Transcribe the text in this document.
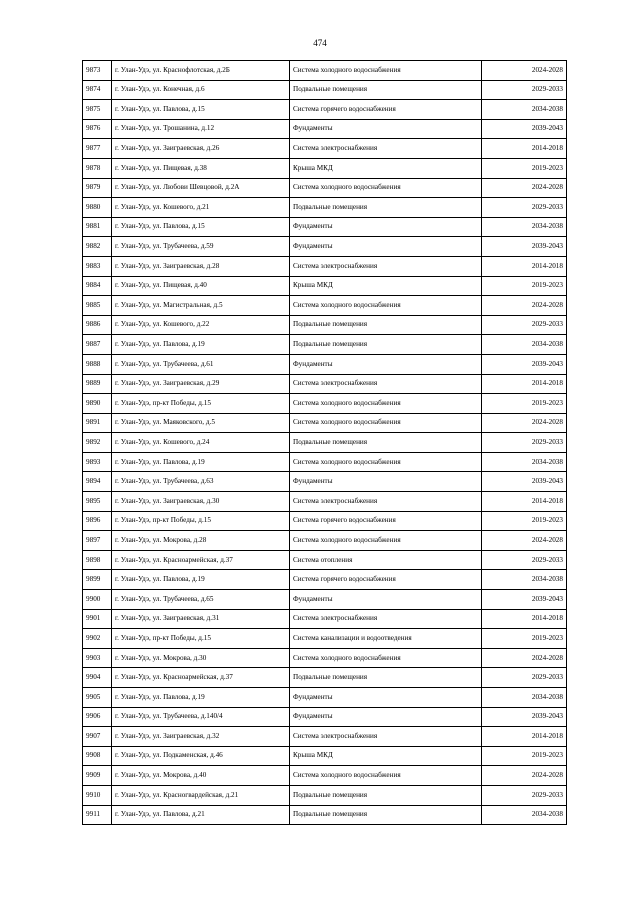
474
9873	г. Улан-Удэ, ул. Краснофлотская, д.2Б	Система холодного водоснабжения	2024-2028
9874	г. Улан-Удэ, ул. Конечная, д.6	Подвальные помещения	2029-2033
9875	г. Улан-Удэ, ул. Павлова, д.15	Система горячего водоснабжения	2034-2038
9876	г. Улан-Удэ, ул. Трошанина, д.12	Фундаменты	2039-2043
9877	г. Улан-Удэ, ул. Заиграевская, д.26	Система электроснабжения	2014-2018
9878	г. Улан-Удэ, ул. Пищевая, д.38	Крыша МКД	2019-2023
9879	г. Улан-Удэ, ул. Любови Шевцовой, д.2А	Система холодного водоснабжения	2024-2028
9880	г. Улан-Удэ, ул. Кошевого, д.21	Подвальные помещения	2029-2033
9881	г. Улан-Удэ, ул. Павлова, д.15	Фундаменты	2034-2038
9882	г. Улан-Удэ, ул. Трубачеева, д.59	Фундаменты	2039-2043
9883	г. Улан-Удэ, ул. Заиграевская, д.28	Система электроснабжения	2014-2018
9884	г. Улан-Удэ, ул. Пищевая, д.40	Крыша МКД	2019-2023
9885	г. Улан-Удэ, ул. Магистральная, д.5	Система холодного водоснабжения	2024-2028
9886	г. Улан-Удэ, ул. Кошевого, д.22	Подвальные помещения	2029-2033
9887	г. Улан-Удэ, ул. Павлова, д.19	Подвальные помещения	2034-2038
9888	г. Улан-Удэ, ул. Трубачеева, д.61	Фундаменты	2039-2043
9889	г. Улан-Удэ, ул. Заиграевская, д.29	Система электроснабжения	2014-2018
9890	г. Улан-Удэ, пр-кт Победы, д.15	Система холодного водоснабжения	2019-2023
9891	г. Улан-Удэ, ул. Маяковского, д.5	Система холодного водоснабжения	2024-2028
9892	г. Улан-Удэ, ул. Кошевого, д.24	Подвальные помещения	2029-2033
9893	г. Улан-Удэ, ул. Павлова, д.19	Система холодного водоснабжения	2034-2038
9894	г. Улан-Удэ, ул. Трубачеева, д.63	Фундаменты	2039-2043
9895	г. Улан-Удэ, ул. Заиграевская, д.30	Система электроснабжения	2014-2018
9896	г. Улан-Удэ, пр-кт Победы, д.15	Система горячего водоснабжения	2019-2023
9897	г. Улан-Удэ, ул. Мокрова, д.28	Система холодного водоснабжения	2024-2028
9898	г. Улан-Удэ, ул. Красноармейская, д.37	Система отопления	2029-2033
9899	г. Улан-Удэ, ул. Павлова, д.19	Система горячего водоснабжения	2034-2038
9900	г. Улан-Удэ, ул. Трубачеева, д.65	Фундаменты	2039-2043
9901	г. Улан-Удэ, ул. Заиграевская, д.31	Система электроснабжения	2014-2018
9902	г. Улан-Удэ, пр-кт Победы, д.15	Система канализации и водоотведения	2019-2023
9903	г. Улан-Удэ, ул. Мокрова, д.30	Система холодного водоснабжения	2024-2028
9904	г. Улан-Удэ, ул. Красноармейская, д.37	Подвальные помещения	2029-2033
9905	г. Улан-Удэ, ул. Павлова, д.19	Фундаменты	2034-2038
9906	г. Улан-Удэ, ул. Трубачеева, д.140/4	Фундаменты	2039-2043
9907	г. Улан-Удэ, ул. Заиграевская, д.32	Система электроснабжения	2014-2018
9908	г. Улан-Удэ, ул. Подкаменская, д.46	Крыша МКД	2019-2023
9909	г. Улан-Удэ, ул. Мокрова, д.40	Система холодного водоснабжения	2024-2028
9910	г. Улан-Удэ, ул. Красногвардейская, д.21	Подвальные помещения	2029-2033
9911	г. Улан-Удэ, ул. Павлова, д.21	Подвальные помещения	2034-2038
